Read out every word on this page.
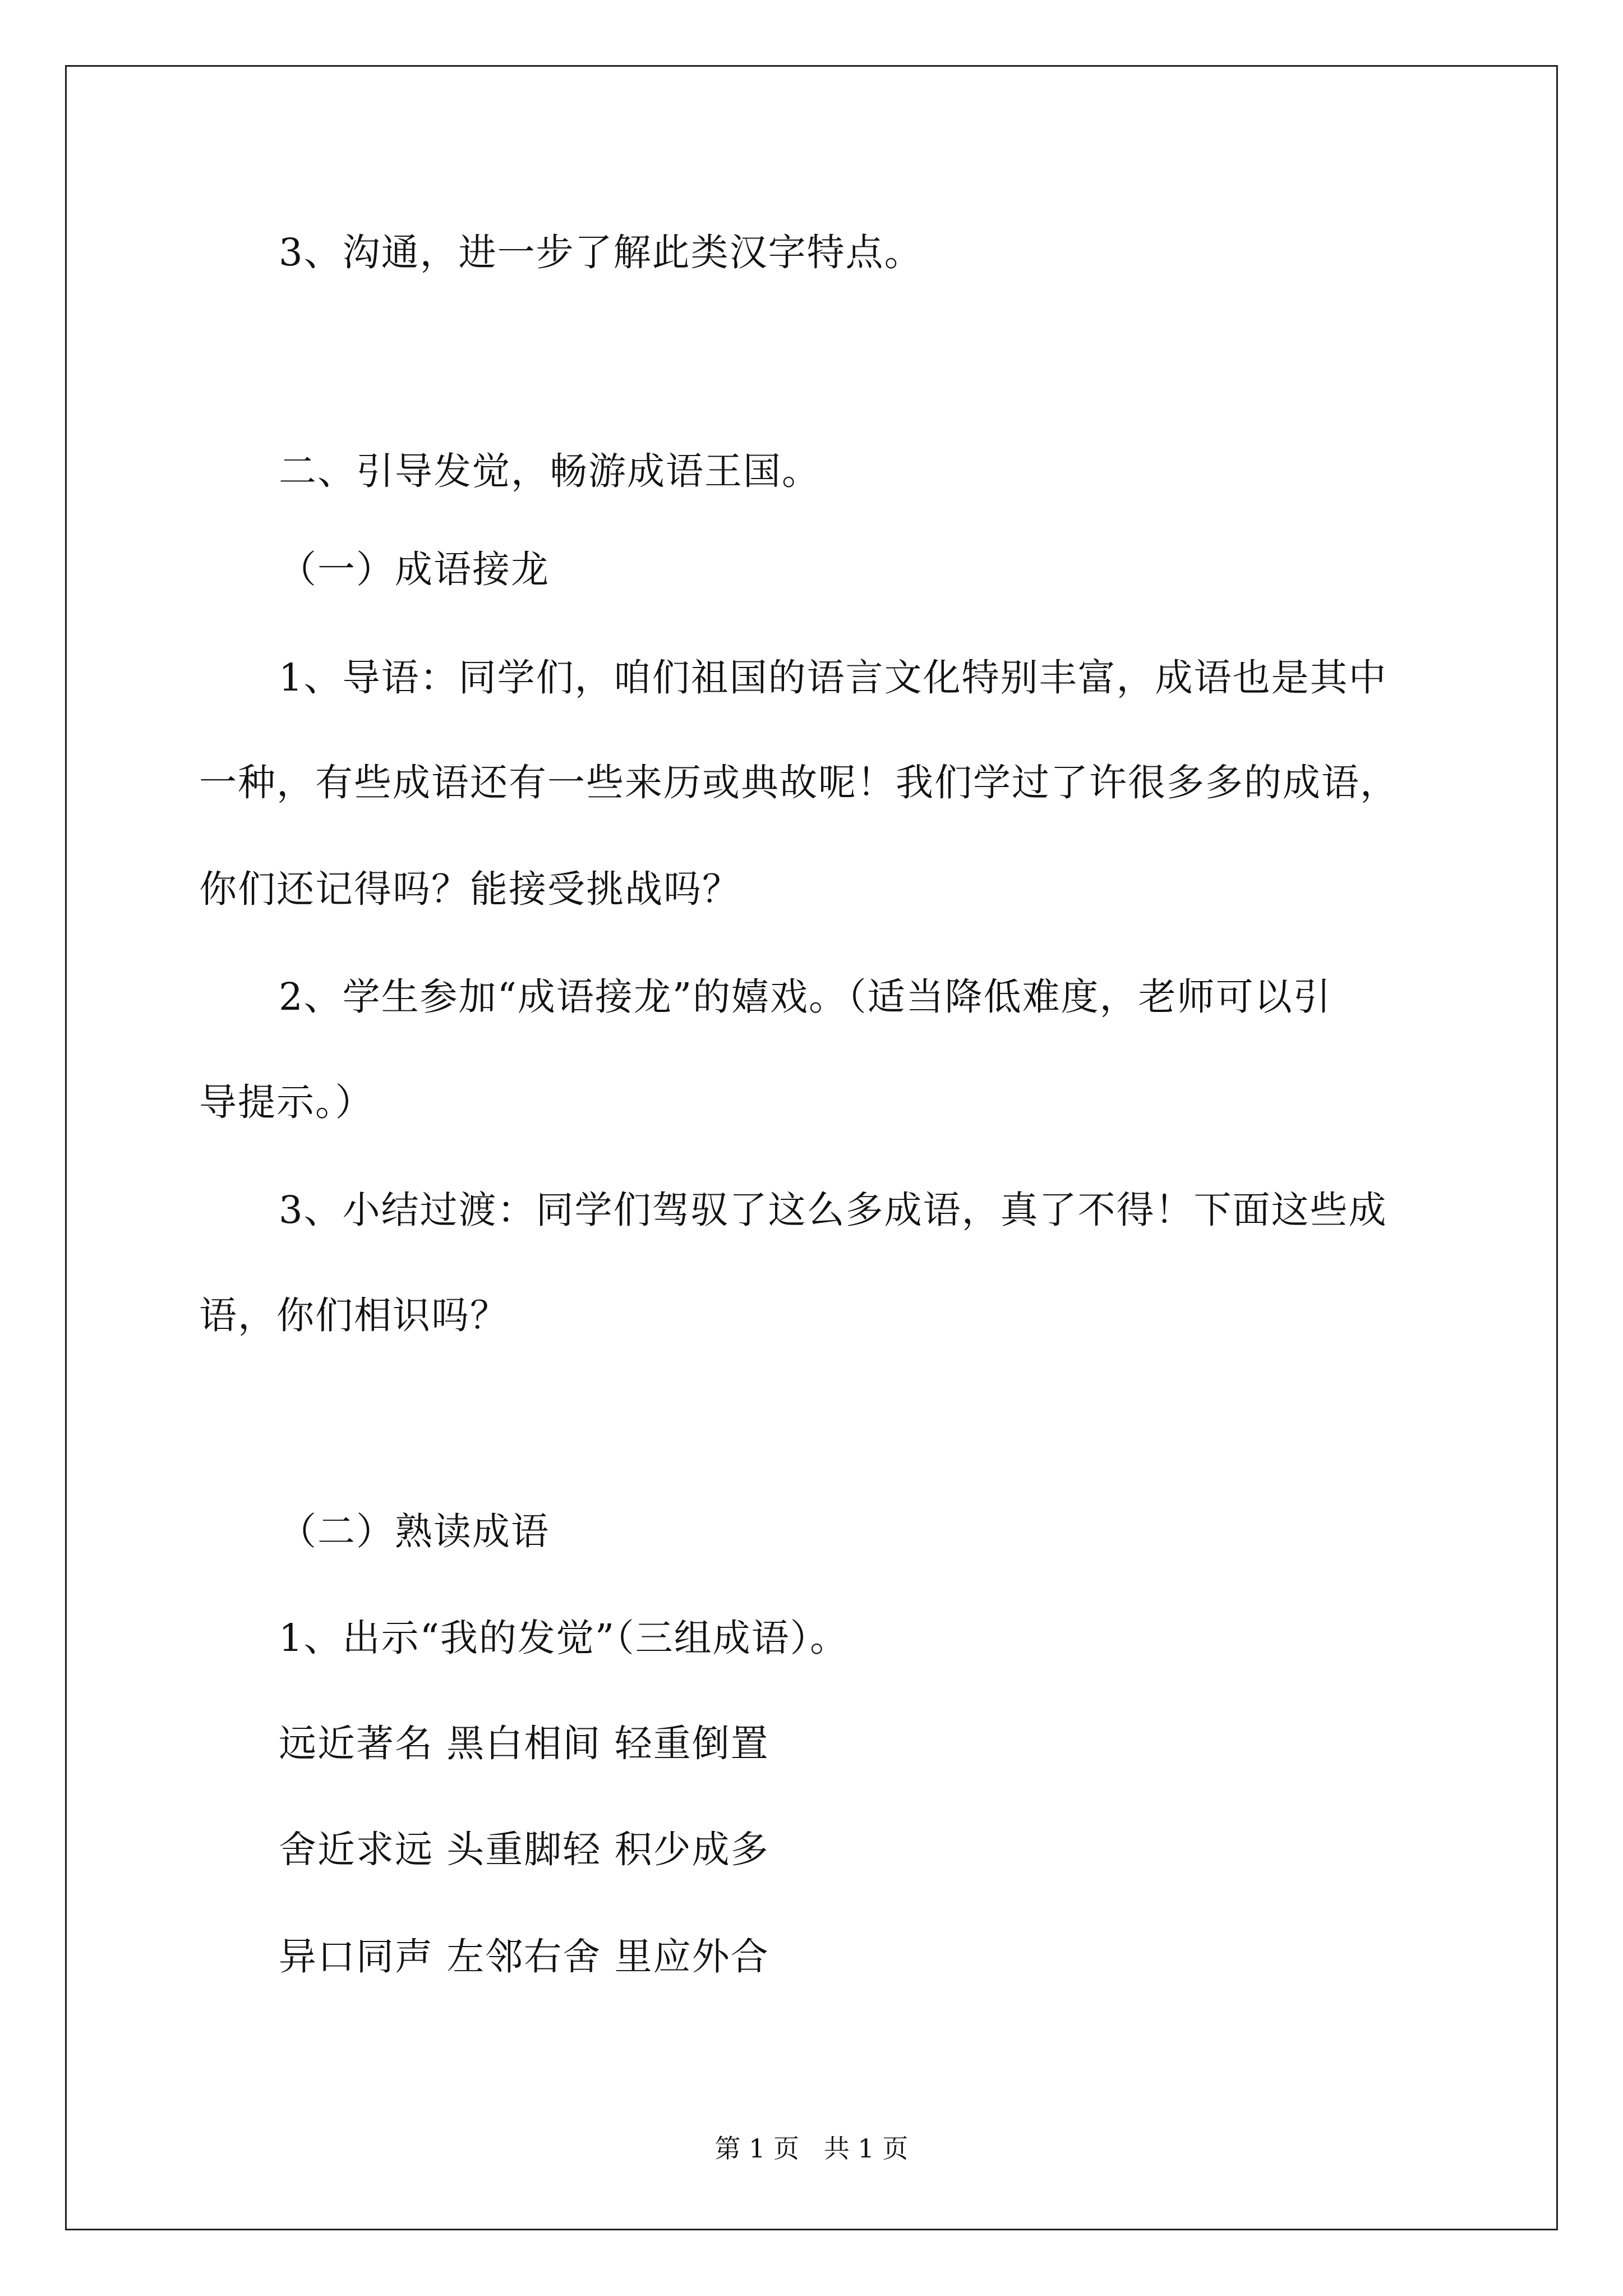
3、沟通，进一步了解此类汉字特点。
二、引导发觉，畅游成语王国。
（一）成语接龙
1、导语：同学们，咱们祖国的语言文化特别丰富，成语也是其中
一种，有些成语还有一些来历或典故呢！我们学过了许很多多的成语，
你们还记得吗？能接受挑战吗？
2、学生参加“成语接龙”的嬉戏。（适当降低难度，老师可以引
导提示。）
3、小结过渡：同学们驾驭了这么多成语，真了不得！下面这些成
语，你们相识吗？
（二）熟读成语
1、出示“我的发觉”（三组成语）。
远近著名 黑白相间 轻重倒置
舍近求远 头重脚轻 积少成多
异口同声 左邻右舍 里应外合
第 1 页   共 1 页
